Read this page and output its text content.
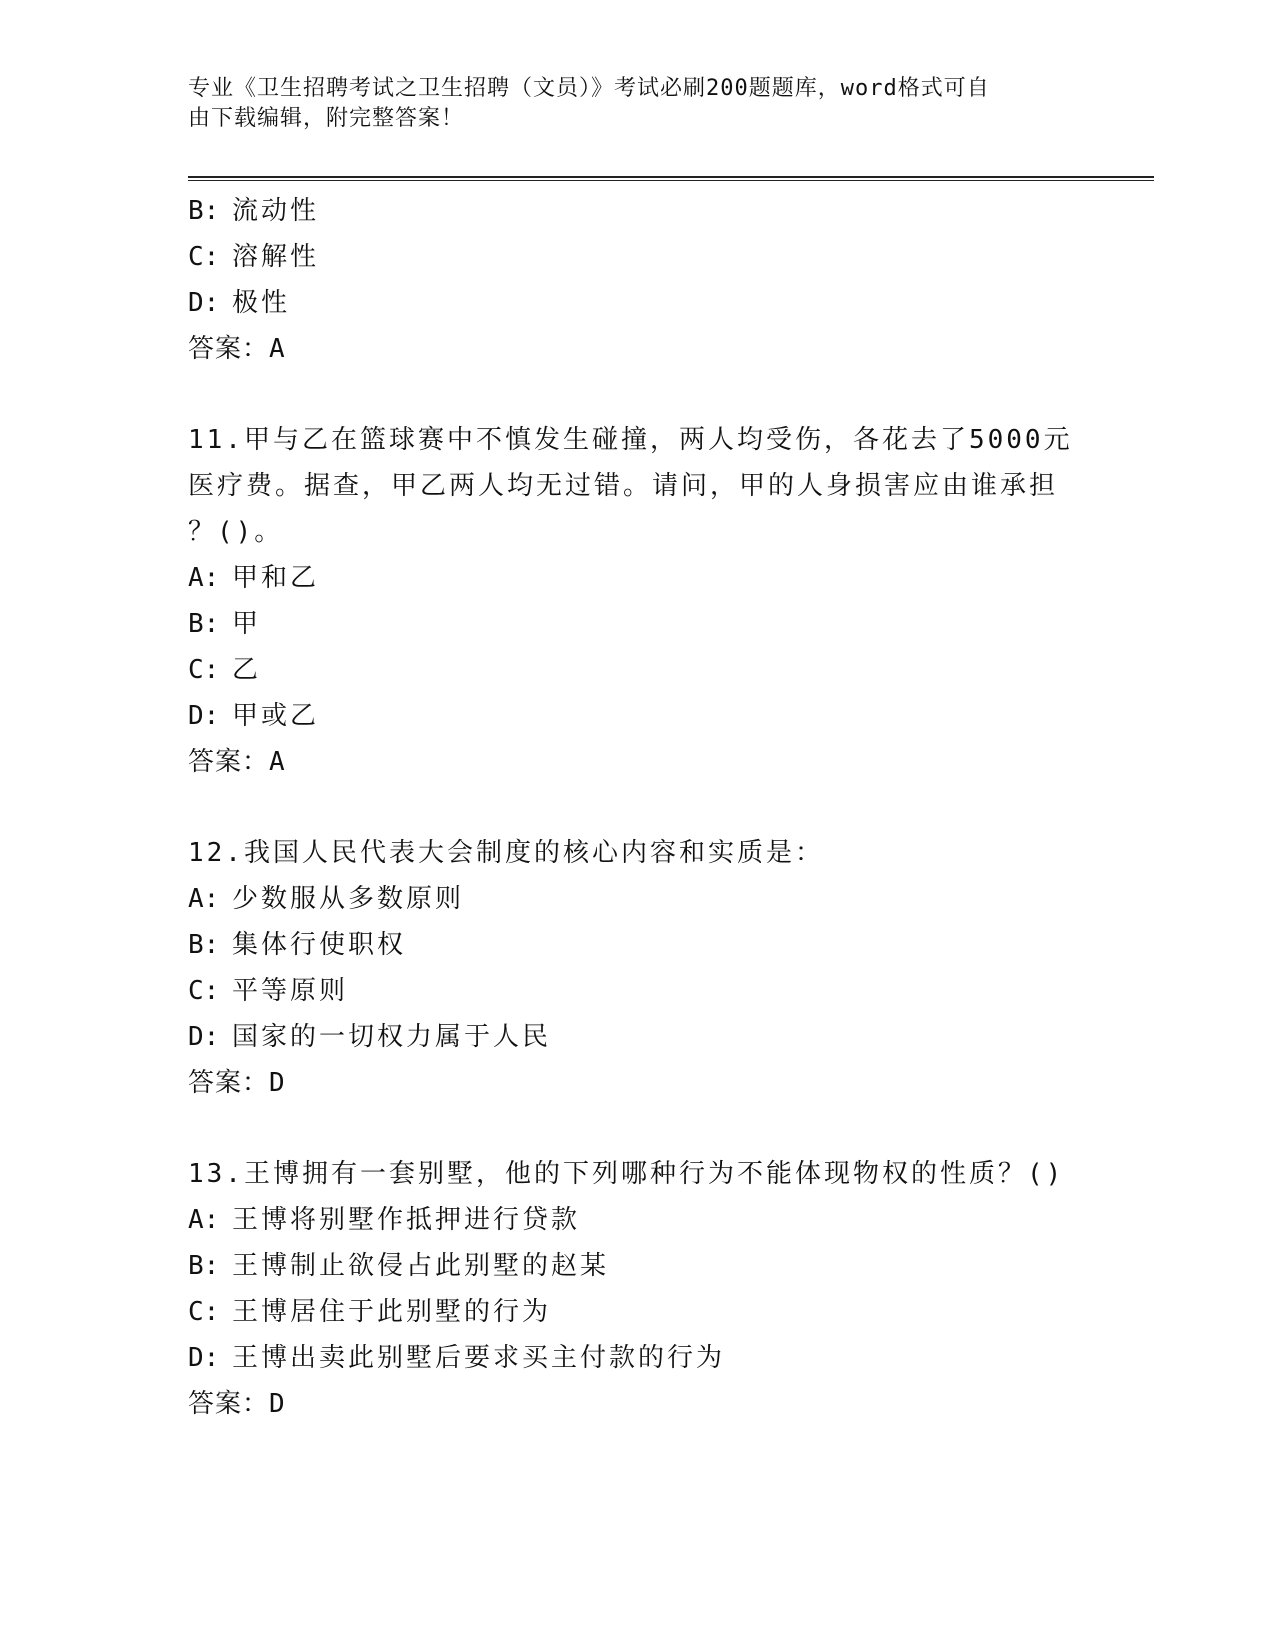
专业《卫生招聘考试之卫生招聘（文员）》考试必刷200题题库，word格式可自
由下载编辑，附完整答案！
B: 流动性
C: 溶解性
D: 极性
答案：A
11.甲与乙在篮球赛中不慎发生碰撞，两人均受伤，各花去了5000元
医疗费。据查，甲乙两人均无过错。请问，甲的人身损害应由谁承担
？()。
A: 甲和乙
B: 甲
C: 乙
D: 甲或乙
答案：A
12.我国人民代表大会制度的核心内容和实质是：
A: 少数服从多数原则
B: 集体行使职权
C: 平等原则
D: 国家的一切权力属于人民
答案：D
13.王博拥有一套别墅，他的下列哪种行为不能体现物权的性质？()
A: 王博将别墅作抵押进行贷款
B: 王博制止欲侵占此别墅的赵某
C: 王博居住于此别墅的行为
D: 王博出卖此别墅后要求买主付款的行为
答案：D
